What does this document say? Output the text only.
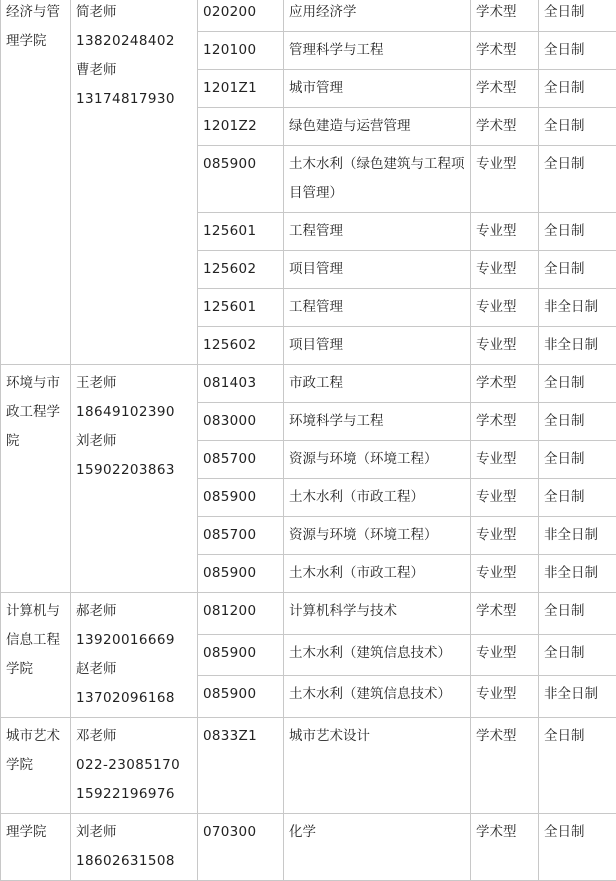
经济与管理学院	简老师
13820248402
曹老师
13174817930	020200	应用经济学	学术型	全日制
		120100	管理科学与工程	学术型	全日制
		1201Z1	城市管理	学术型	全日制
		1201Z2	绿色建造与运营管理	学术型	全日制
		085900	土木水利（绿色建筑与工程项目管理）	专业型	全日制
		125601	工程管理	专业型	全日制
		125602	项目管理	专业型	全日制
		125601	工程管理	专业型	非全日制
		125602	项目管理	专业型	非全日制
环境与市政工程学院	王老师
18649102390
刘老师
15902203863	081403	市政工程	学术型	全日制
		083000	环境科学与工程	学术型	全日制
		085700	资源与环境（环境工程）	专业型	全日制
		085900	土木水利（市政工程）	专业型	全日制
		085700	资源与环境（环境工程）	专业型	非全日制
		085900	土木水利（市政工程）	专业型	非全日制
计算机与信息工程学院	郝老师
13920016669
赵老师
13702096168	081200	计算机科学与技术	学术型	全日制
		085900	土木水利（建筑信息技术）	专业型	全日制
		085900	土木水利（建筑信息技术）	专业型	非全日制
城市艺术学院	邓老师
022-23085170
15922196976	0833Z1	城市艺术设计	学术型	全日制
理学院	刘老师
18602631508	070300	化学	学术型	全日制
